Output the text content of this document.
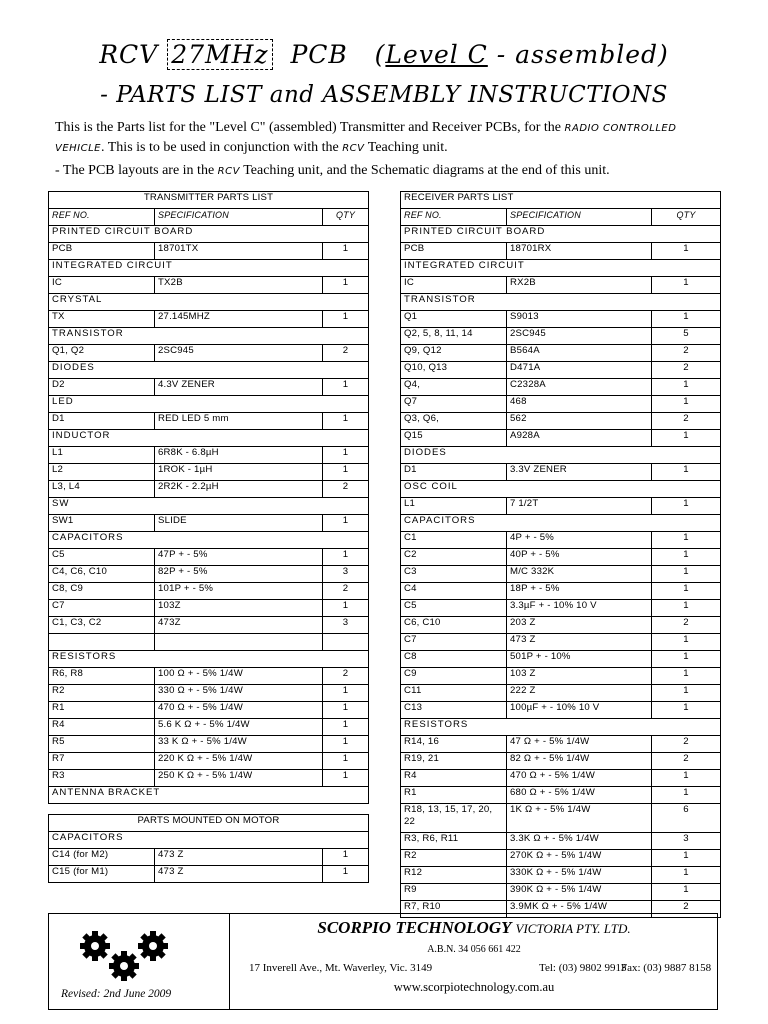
RCV 27MHz PCB (Level C - assembled)
- PARTS LIST and ASSEMBLY INSTRUCTIONS

This is the Parts list for the "Level C" (assembled) Transmitter and Receiver PCBs, for the RADIO CONTROLLED VEHICLE. This is to be used in conjunction with the RCV Teaching unit.

- The PCB layouts are in the RCV Teaching unit, and the Schematic diagrams at the end of this unit.

TRANSMITTER PARTS LIST		
REF NO.	SPECIFICATION	QTY
PRINTED CIRCUIT BOARD		
PCB	18701TX	1
INTEGRATED CIRCUIT		
IC	TX2B	1
CRYSTAL		
TX	27.145MHZ	1
TRANSISTOR		
Q1, Q2	2SC945	2
DIODES		
D2	4.3V ZENER	1
LED		
D1	RED LED 5 mm	1
INDUCTOR		
L1	6R8K - 6.8µH	1
L2	1ROK - 1µH	1
L3, L4	2R2K - 2.2µH	2
SW		
SW1	SLIDE	1
CAPACITORS		
C5	47P + - 5%	1
C4, C6, C10	82P + - 5%	3
C8, C9	101P + - 5%	2
C7	103Z	1
C1, C3, C2	473Z	3

RESISTORS		
R6, R8	100 Ω + - 5% 1/4W	2
R2	330 Ω + - 5% 1/4W	1
R1	470 Ω + - 5% 1/4W	1
R4	5.6 K Ω + - 5% 1/4W	1
R5	33 K Ω + - 5% 1/4W	1
R7	220 K Ω + - 5% 1/4W	1
R3	250 K Ω + - 5% 1/4W	1
ANTENNA BRACKET		
RECEIVER PARTS LIST		
REF NO.	SPECIFICATION	QTY
PRINTED CIRCUIT BOARD		
PCB	18701RX	1
INTEGRATED CIRCUIT		
IC	RX2B	1
TRANSISTOR		
Q1	S9013	1
Q2, 5, 8, 11, 14	2SC945	5
Q9, Q12	B564A	2
Q10, Q13	D471A	2
Q4,	C2328A	1
Q7	468	1
Q3, Q6,	562	2
Q15	A928A	1
DIODES		
D1	3.3V ZENER	1
OSC COIL		
L1	7 1/2T	1
CAPACITORS		
C1	4P + - 5%	1
C2	40P + - 5%	1
C3	M/C 332K	1
C4	18P + - 5%	1
C5	3.3µF + - 10% 10 V	1
C6, C10	203 Z	2
C7	473 Z	1
C8	501P + - 10%	1
C9	103 Z	1
C11	222 Z	1
C13	100µF + - 10% 10 V	1
RESISTORS		
R14, 16	47 Ω + - 5% 1/4W	2
R19, 21	82 Ω + - 5% 1/4W	2
R4	470 Ω + - 5% 1/4W	1
R1	680 Ω + - 5% 1/4W	1
R18, 13, 15, 17, 20, 22	1K Ω + - 5% 1/4W	6
R3, R6, R11	3.3K Ω + - 5% 1/4W	3
R2	270K Ω + - 5% 1/4W	1
R12	330K Ω + - 5% 1/4W	1
R9	390K Ω + - 5% 1/4W	1
R7, R10	3.9MK Ω + - 5% 1/4W	2
PARTS MOUNTED ON MOTOR		
CAPACITORS		
C14 (for M2)	473 Z	1
C15 (for M1)	473 Z	1
Revised: 2nd June 2009
SCORPIO TECHNOLOGY VICTORIA PTY. LTD.
A.B.N. 34 056 661 422
17 Inverell Ave., Mt. Waverley, Vic. 3149	Tel: (03) 9802 9913
Fax: (03) 9887 8158
www.scorpiotechnology.com.au
